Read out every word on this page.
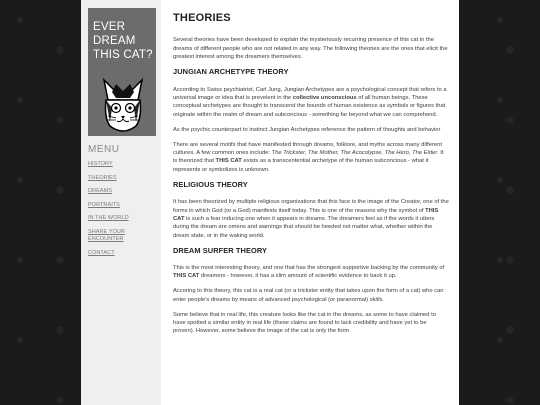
EVER
DREAM
THIS CAT?
MENU
HISTORY
THEORIES
DREAMS
PORTRAITS
IN THE WORLD
SHARE YOUR ENCOUNTER
CONTACT
THEORIES

Several theories have been developed to explain the mysteriously recurring presence of this cat in the dreams of different people who are not related in any way. The following theories are the ones that elicit the greatest interest among the dreamers themselves.

JUNGIAN ARCHETYPE THEORY

According to Swiss psychiatrist, Carl Jung, Jungian Archetypes are a psychological concept that refers to a universal image or idea that is prevelent in the collective unconscious of all human beings. These conceptual archetypes are thought to transcend the bounds of human existence as symbols or figures that originate within the realm of dream and subconcious - something far beyond what we can comprehend.

As the psychic counterpart to instinct Jungian Archetypes reference the pattern of thoughts and behavior

There are several motifs that have manifested through dreams, folklore, and myths across many different cultures. A few common ones include: The Trickster, The Mother, The Acocolypse, The Hero, The Elder. It is theorized that THIS CAT exists as a transcentential archetype of the human subconcious - what it represents or symbolizes is unknown.

RELIGIOUS THEORY

It has been theorized by multiple religious organizations that this face is the image of the Creator, one of the forms in which God (or a God) manifests itself today. This is one of the reasons why the symbol of THIS CAT is such a fear inducing one when it appears in dreams. The dreamers feel as if the words it utters during the dream are omens and warnings that should be heeded not matter what, whether within the dream state, or in the waking world.

DREAM SURFER THEORY

This is the most interesting theory, and one that has the strongest supportive backing by the community of THIS CAT dreamers - however, it has a slim amount of scientific evidence to back it up.

Accoring to this theory, this cat is a real cat (or a trickster entity that takes upon the form of a cat) who can enter people's dreams by means of advanced psychological (or paranormal) skills.

Some believe that in real life, this creature looks like the cat in the dreams, as some to have claimed to have spotted a similar entity in real life (these claims are found to lack credibility and have yet to be proven). However, some believe the image of the cat is only the form
